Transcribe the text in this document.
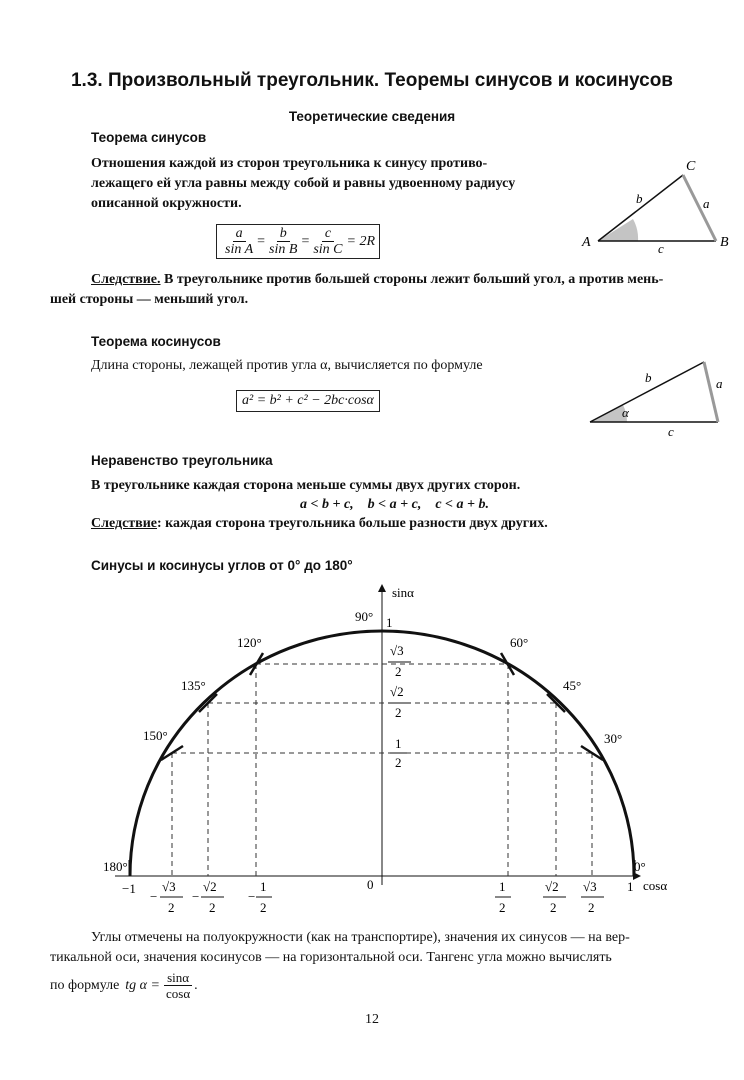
1.3. Произвольный треугольник. Теоремы синусов и косинусов
Теоретические сведения
Теорема синусов
Отношения каждой из сторон треугольника к синусу противо-
лежащего ей угла равны между собой и равны удвоенному радиусу
описанной окружности.
$\frac{a}{\text{sin A}} = \frac{b}{\text{sin B}} = \frac{c}{\text{sin C}} = 2R$
C
A	B
a
b
c
Следствие. В треугольнике против большей стороны лежит больший угол, а против мень-
шей стороны — меньший угол.
Теорема косинусов
Длина стороны, лежащей против угла α, вычисляется по формуле
a² = b² + c² − 2bc·cosα
α
a
b
c
Неравенство треугольника
В треугольнике каждая сторона меньше суммы двух других сторон.
a < b + c,    b < a + c,    c < a + b.
Следствие: каждая сторона треугольника больше разности двух других.
Синусы и косинусы углов от 0° до 180°
sinα
cosα
0
−1	1
1
0°
30°
45°
60°
90°
120°
135°
150°
180°
√3
2
√2
2
1
2
−
√3
2
−
√2
2
−
1
2
1
2
√2
2
√3
2
Углы отмечены на полуокружности (как на транспортире), значения их синусов — на вер-
тикальной оси, значения косинусов — на горизонтальной оси. Тангенс угла можно вычислять
по формуле tg $\alpha = \frac{\sin\alpha}{\cos\alpha}$ .
12
